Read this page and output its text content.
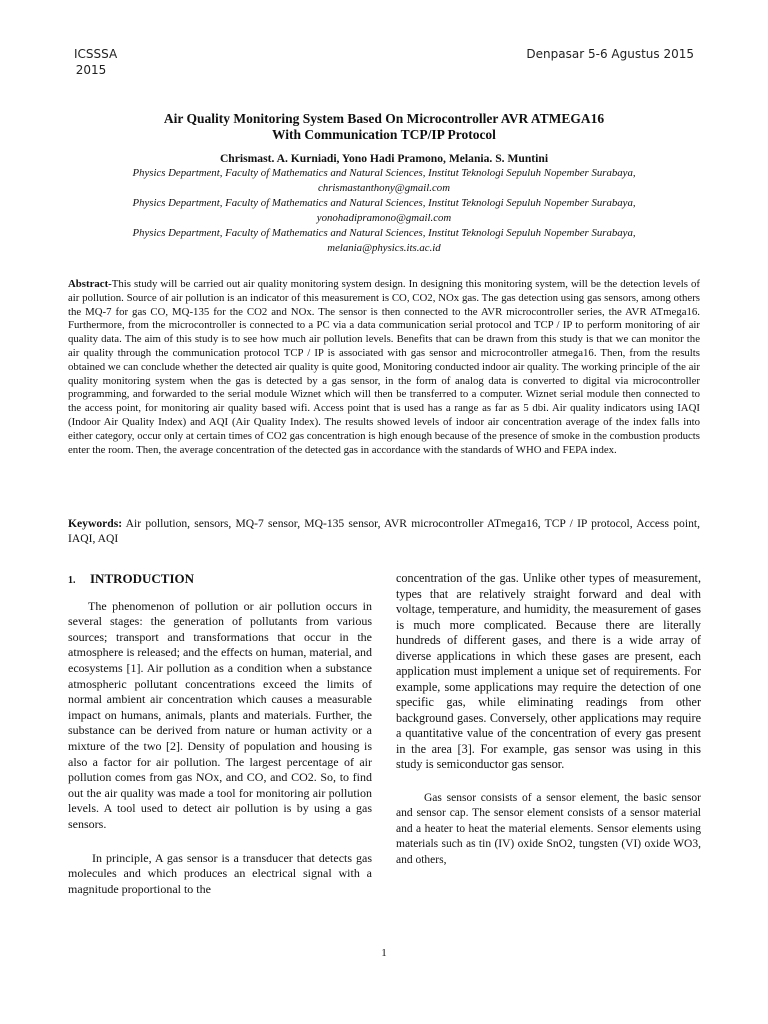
ICSSSA
2015
Denpasar 5-6 Agustus 2015
Air Quality Monitoring System Based On Microcontroller AVR ATMEGA16
With Communication TCP/IP Protocol
Chrismast. A. Kurniadi, Yono Hadi Pramono, Melania. S. Muntini
Physics Department, Faculty of Mathematics and Natural Sciences, Institut Teknologi Sepuluh Nopember Surabaya,
chrismastanthony@gmail.com
Physics Department, Faculty of Mathematics and Natural Sciences, Institut Teknologi Sepuluh Nopember Surabaya,
yonohadipramono@gmail.com
Physics Department, Faculty of Mathematics and Natural Sciences, Institut Teknologi Sepuluh Nopember Surabaya,
melania@physics.its.ac.id

Abstract-This study will be carried out air quality monitoring system design. In designing this monitoring system, will be the detection levels of air pollution. Source of air pollution is an indicator of this measurement is CO, CO2, NOx gas. The gas detection using gas sensors, among others the MQ-7 for gas CO, MQ-135 for the CO2 and NOx. The sensor is then connected to the AVR microcontroller series, the AVR ATmega16. Furthermore, from the microcontroller is connected to a PC via a data communication serial protocol and TCP / IP to perform monitoring of air quality data. The aim of this study is to see how much air pollution levels. Benefits that can be drawn from this study is that we can monitor the air quality through the communication protocol TCP / IP is associated with gas sensor and microcontroller atmega16. Then, from the results obtained we can conclude whether the detected air quality is quite good, Monitoring conducted indoor air quality. The working principle of the air quality monitoring system when the gas is detected by a gas sensor, in the form of analog data is converted to digital via microcontroller programming, and forwarded to the serial module Wiznet which will then be transferred to a computer. Wiznet serial module then connected to the access point, for monitoring air quality based wifi. Access point that is used has a range as far as 5 dbi. Air quality indicators using IAQI (Indoor Air Quality Index) and AQI (Air Quality Index). The results showed levels of indoor air concentration average of the index falls into either category, occur only at certain times of CO2 gas concentration is high enough because of the presence of smoke in the combustion products enter the room. Then, the average concentration of the detected gas in accordance with the standards of WHO and FEPA index.

Keywords: Air pollution, sensors, MQ-7 sensor, MQ-135 sensor, AVR microcontroller ATmega16, TCP / IP protocol, Access point, IAQI, AQI

1. INTRODUCTION

The phenomenon of pollution or air pollution occurs in several stages: the generation of pollutants from various sources; transport and transformations that occur in the atmosphere is released; and the effects on human, material, and ecosystems [1]. Air pollution as a condition when a substance atmospheric pollutant concentrations exceed the limits of normal ambient air concentration which causes a measurable impact on humans, animals, plants and materials. Further, the substance can be derived from nature or human activity or a mixture of the two [2]. Density of population and housing is also a factor for air pollution. The largest percentage of air pollution comes from gas NOx, and CO, and CO2. So, to find out the air quality was made a tool for monitoring air pollution levels. A tool used to detect air pollution is by using a gas sensors.

In principle, A gas sensor is a transducer that detects gas molecules and which produces an electrical signal with a magnitude proportional to the

concentration of the gas. Unlike other types of measurement, types that are relatively straight forward and deal with voltage, temperature, and humidity, the measurement of gases is much more complicated. Because there are literally hundreds of different gases, and there is a wide array of diverse applications in which these gases are present, each application must implement a unique set of requirements. For example, some applications may require the detection of one specific gas, while eliminating readings from other background gases. Conversely, other applications may require a quantitative value of the concentration of every gas present in the area [3]. For example, gas sensor was using in this study is semiconductor gas sensor.

Gas sensor consists of a sensor element, the basic sensor and sensor cap. The sensor element consists of a sensor material and a heater to heat the material elements. Sensor elements using materials such as tin (IV) oxide SnO2, tungsten (VI) oxide WO3, and others,

1
